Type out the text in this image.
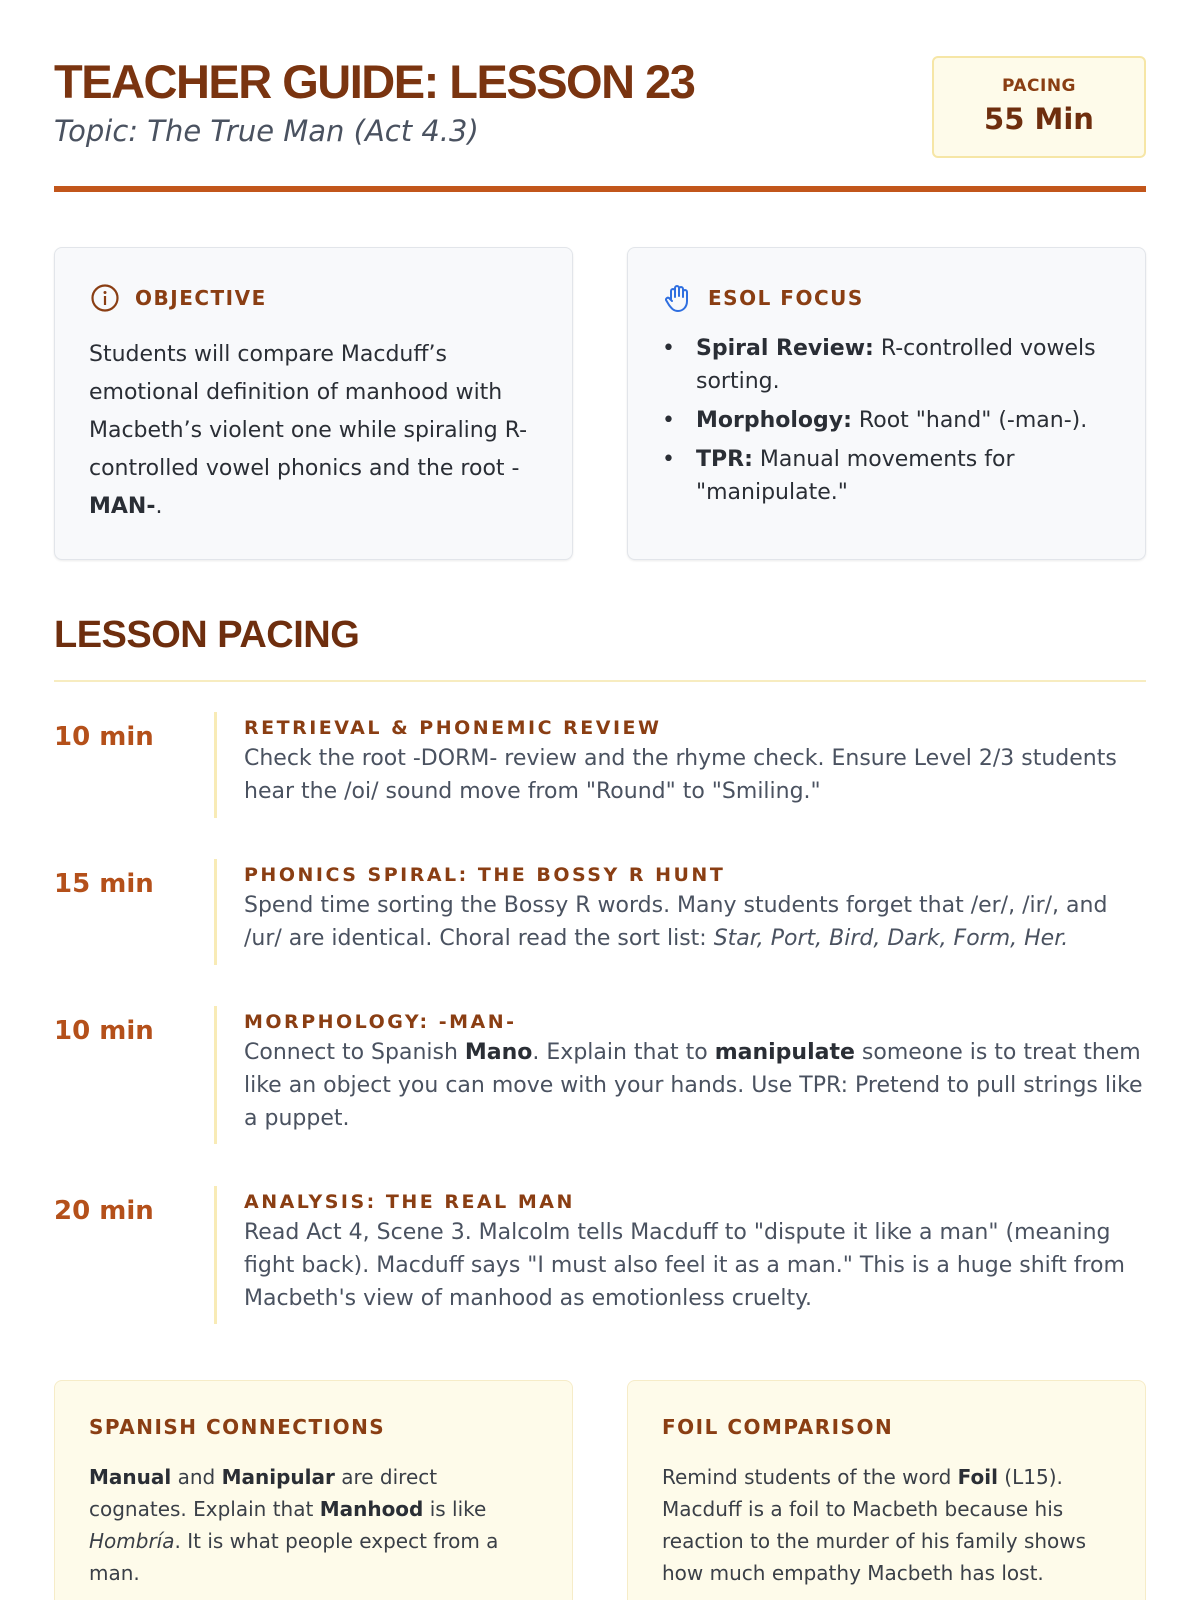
TEACHER GUIDE: LESSON 23
Topic: The True Man (Act 4.3)
PACING
55 Min
OBJECTIVE
Students will compare Macduff’s emotional definition of manhood with Macbeth’s violent one while spiraling R-controlled vowel phonics and the root -MAN-.
ESOL FOCUS
• Spiral Review: R-controlled vowels sorting.
• Morphology: Root "hand" (-man-).
• TPR: Manual movements for "manipulate."
LESSON PACING
10 min	RETRIEVAL & PHONEMIC REVIEW
Check the root -DORM- review and the rhyme check. Ensure Level 2/3 students hear the /oi/ sound move from "Round" to "Smiling."
15 min	PHONICS SPIRAL: THE BOSSY R HUNT
Spend time sorting the Bossy R words. Many students forget that /er/, /ir/, and /ur/ are identical. Choral read the sort list: Star, Port, Bird, Dark, Form, Her.
10 min	MORPHOLOGY: -MAN-
Connect to Spanish Mano. Explain that to manipulate someone is to treat them like an object you can move with your hands. Use TPR: Pretend to pull strings like a puppet.
20 min	ANALYSIS: THE REAL MAN
Read Act 4, Scene 3. Malcolm tells Macduff to "dispute it like a man" (meaning fight back). Macduff says "I must also feel it as a man." This is a huge shift from Macbeth's view of manhood as emotionless cruelty.
SPANISH CONNECTIONS
Manual and Manipular are direct cognates. Explain that Manhood is like Hombría. It is what people expect from a man.
FOIL COMPARISON
Remind students of the word Foil (L15). Macduff is a foil to Macbeth because his reaction to the murder of his family shows how much empathy Macbeth has lost.
